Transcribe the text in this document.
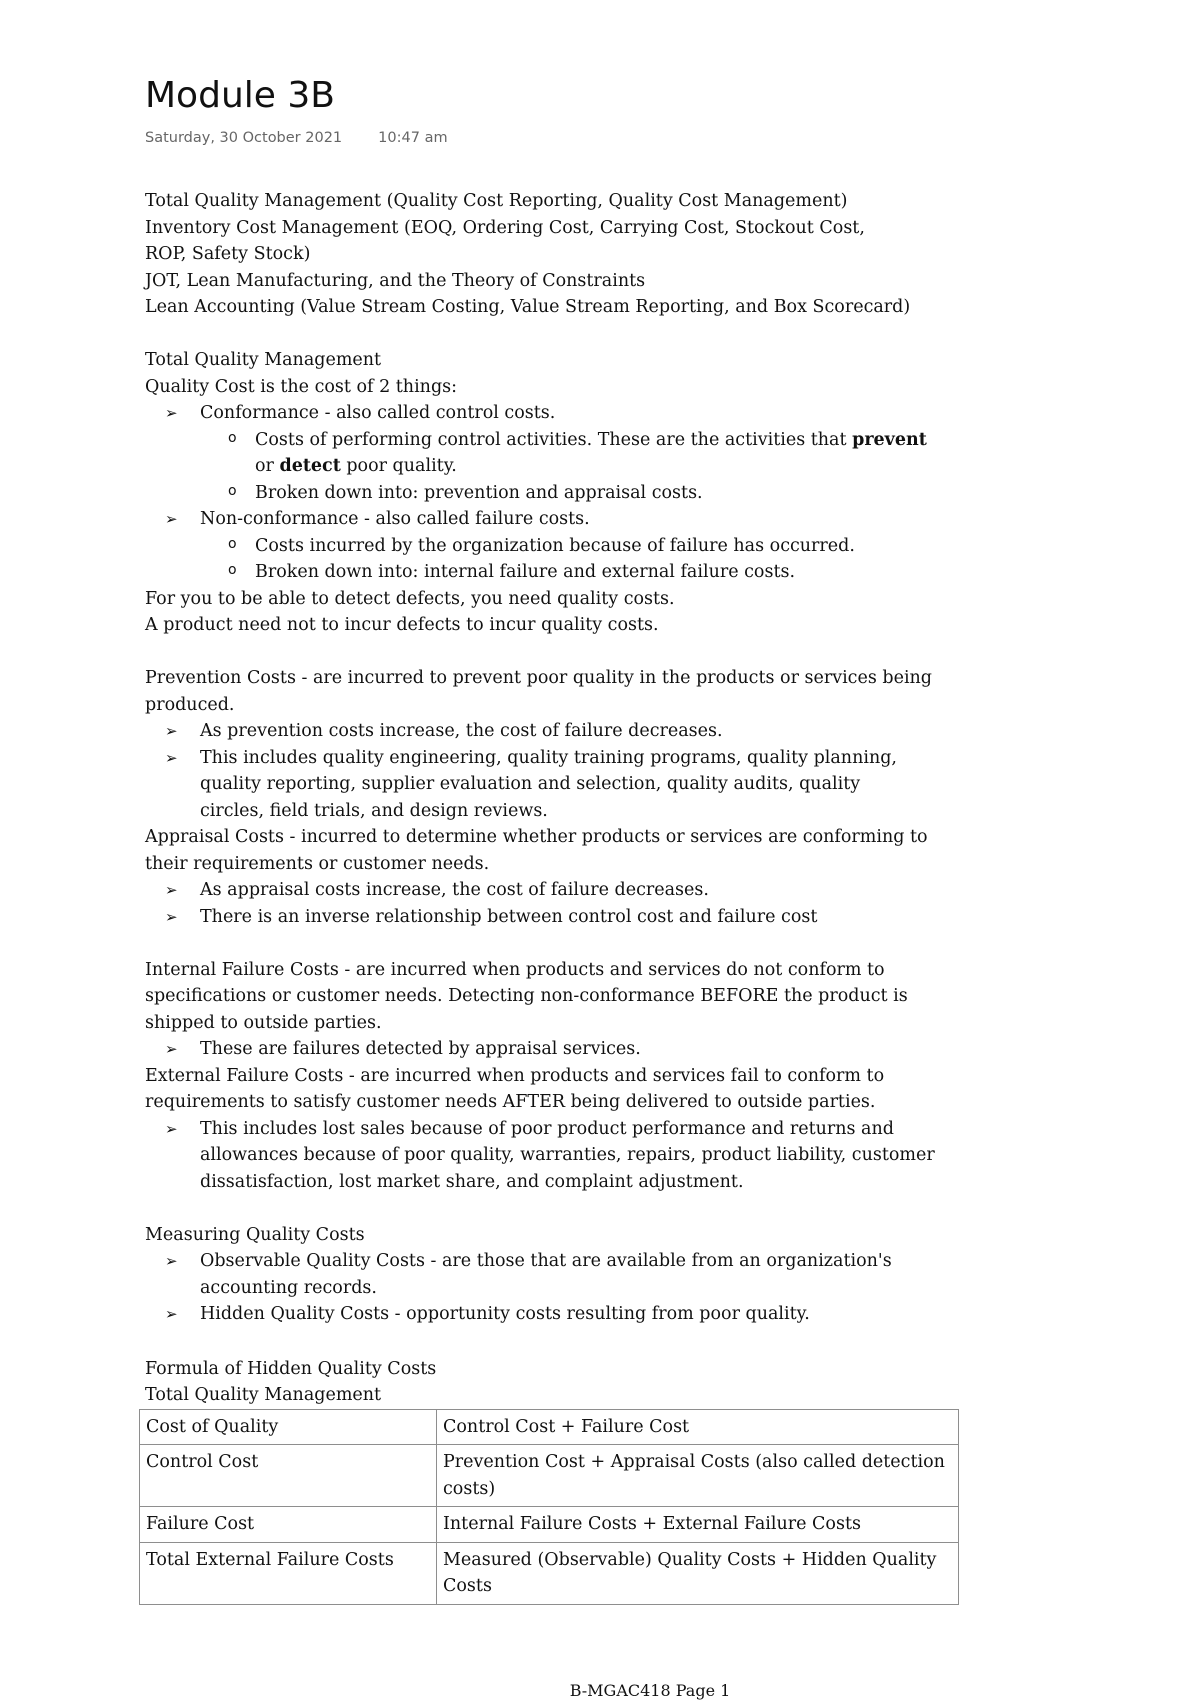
Module 3B
Saturday, 30 October 2021 10:47 am

Total Quality Management (Quality Cost Reporting, Quality Cost Management)

Inventory Cost Management (EOQ, Ordering Cost, Carrying Cost, Stockout Cost, ROP, Safety Stock)

JOT, Lean Manufacturing, and the Theory of Constraints

Lean Accounting (Value Stream Costing, Value Stream Reporting, and Box Scorecard)

Total Quality Management

Quality Cost is the cost of 2 things:

➢ Conformance - also called control costs.
o Costs of performing control activities. These are the activities that prevent
or detect poor quality.
o Broken down into: prevention and appraisal costs.
➢ Non-conformance - also called failure costs.
o Costs incurred by the organization because of failure has occurred.
o Broken down into: internal failure and external failure costs.

For you to be able to detect defects, you need quality costs.

A product need not to incur defects to incur quality costs.

Prevention Costs - are incurred to prevent poor quality in the products or services being produced.

➢ As prevention costs increase, the cost of failure decreases.
➢ This includes quality engineering, quality training programs, quality planning, quality reporting, supplier evaluation and selection, quality audits, quality circles, field trials, and design reviews.

Appraisal Costs - incurred to determine whether products or services are conforming to their requirements or customer needs.

➢ As appraisal costs increase, the cost of failure decreases.
➢ There is an inverse relationship between control cost and failure cost

Internal Failure Costs - are incurred when products and services do not conform to specifications or customer needs. Detecting non-conformance BEFORE the product is shipped to outside parties.

➢ These are failures detected by appraisal services.

External Failure Costs - are incurred when products and services fail to conform to requirements to satisfy customer needs AFTER being delivered to outside parties.

➢ This includes lost sales because of poor product performance and returns and allowances because of poor quality, warranties, repairs, product liability, customer dissatisfaction, lost market share, and complaint adjustment.

Measuring Quality Costs

➢ Observable Quality Costs - are those that are available from an organization's accounting records.
➢ Hidden Quality Costs - opportunity costs resulting from poor quality.

Formula of Hidden Quality Costs

Total Quality Management

Cost of Quality	Control Cost + Failure Cost
Control Cost	Prevention Cost + Appraisal Costs (also called detection costs)
Failure Cost	Internal Failure Costs + External Failure Costs
Total External Failure Costs	Measured (Observable) Quality Costs + Hidden Quality Costs
B-MGAC418 Page 1
